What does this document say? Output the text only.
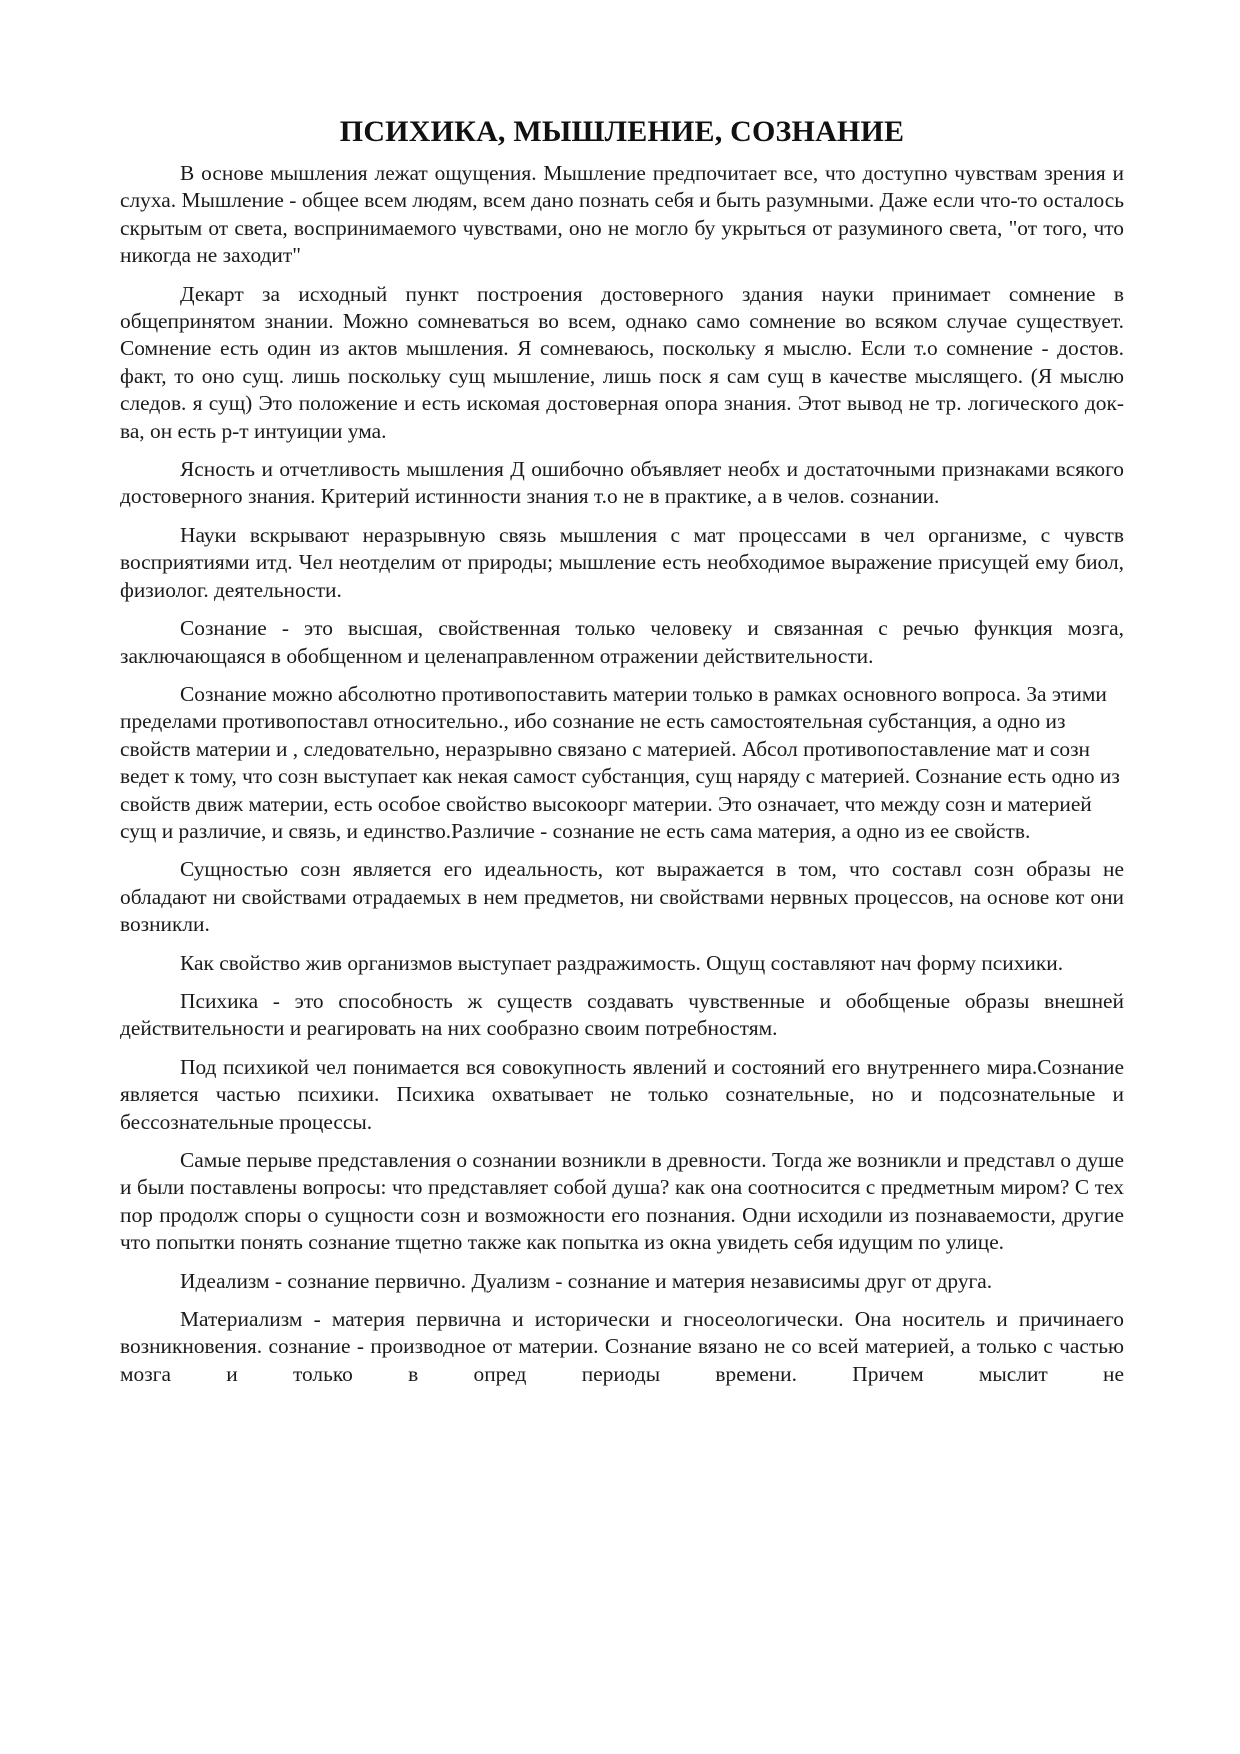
ПСИХИКА, МЫШЛЕНИЕ, СОЗНАНИЕ

В основе мышления лежат ощущения. Мышление предпочитает все, что доступно чувствам зрения и слуха. Мышление - общее всем людям, всем дано познать себя и быть разумными. Даже если что-то осталось скрытым от света, воспринимаемого чувствами, оно не могло бу укрыться от разуминого света, "от того, что никогда не заходит"

Декарт за исходный пункт построения достоверного здания науки принимает сомнение в общепринятом знании. Можно сомневаться во всем, однако само сомнение во всяком случае существует. Сомнение есть один из актов мышления. Я сомневаюсь, поскольку я мыслю. Если т.о сомнение - достов. факт, то оно сущ. лишь поскольку сущ мышление, лишь поск я сам сущ в качестве мыслящего. (Я мыслю следов. я сущ) Это положение и есть искомая достоверная опора знания. Этот вывод не тр. логического док-ва, он есть р-т интуиции ума.

Ясность и отчетливость мышления Д ошибочно объявляет необх и достаточными признаками всякого достоверного знания. Критерий истинности знания т.о не в практике, а в челов. сознании.

Науки вскрывают неразрывную связь мышления с мат процессами в чел организме, с чувств восприятиями итд. Чел неотделим от природы; мышление есть необходимое выражение присущей ему биол, физиолог. деятельности.

Сознание - это высшая, свойственная только человеку и связанная с речью функция мозга, заключающаяся в обобщенном и целенаправленном отражении действительности.

Сознание можно абсолютно противопоставить материи только в рамках основного вопроса. За этими пределами противопоставл относительно., ибо сознание не есть самостоятельная субстанция, а одно из свойств материи и , следовательно, неразрывно связано с материей. Абсол противопоставление мат и созн ведет к тому, что созн выступает как некая самост субстанция, сущ наряду с материей. Сознание есть одно из свойств движ материи, есть особое свойство высокоорг материи. Это означает, что между созн и материей сущ и различие, и связь, и единство.Различие - сознание не есть сама материя, а одно из ее свойств.

Сущностью созн является его идеальность, кот выражается в том, что составл созн образы не обладают ни свойствами отрадаемых в нем предметов, ни свойствами нервных процессов, на основе кот они возникли.

Как свойство жив организмов выступает раздражимость. Ощущ составляют нач форму психики.

Психика - это способность ж существ создавать чувственные и обобщеные образы внешней действительности и реагировать на них сообразно своим потребностям.

Под психикой чел понимается вся совокупность явлений и состояний его внутреннего мира.Сознание является частью психики. Психика охватывает не только сознательные, но и подсознательные и бессознательные процессы.

Самые перыве представления о сознании возникли в древности. Тогда же возникли и представл о душе и были поставлены вопросы: что представляет собой душа? как она соотносится с предметным миром? С тех пор продолж споры о сущности созн и возможности его познания. Одни исходили из познаваемости, другие что попытки понять сознание тщетно также как попытка из окна увидеть себя идущим по улице.

Идеализм - сознание первично. Дуализм - сознание и материя независимы друг от друга.

Материализм - материя первична и исторически и гносеологически. Она носитель и причинаего возникновения. сознание - производное от материи. Сознание вязано не со всей материей, а только с частью мозга и только в опред периоды времени. Причем мыслит не
